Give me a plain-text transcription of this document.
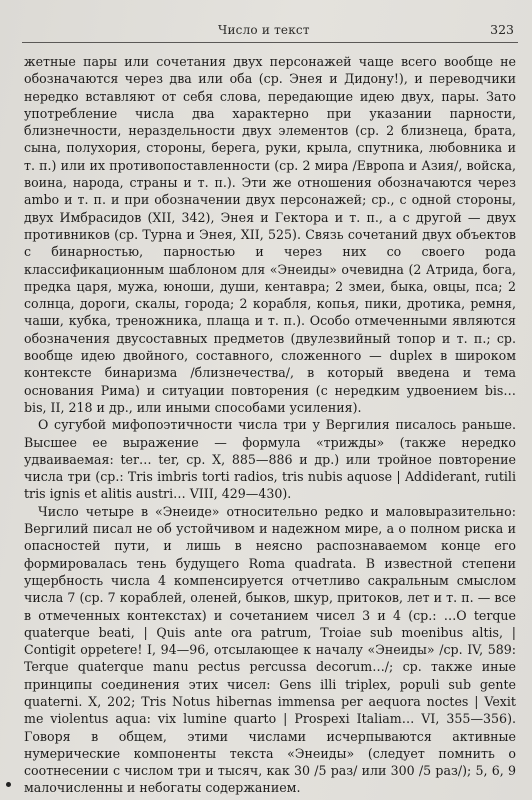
Число и текст	323

жетные пары или сочетания двух персонажей чаще всего вообще не обозначаются через два или оба (ср. Энея и Дидону!), и переводчики нередко вставляют от себя слова, передающие идею двух, пары. Зато употребление числа два характерно при указании парности, близнечности, нераздельности двух элементов (ср. 2 близнеца, брата, сына, полухория, стороны, берега, руки, крыла, спутника, любовника и т. п.) или их противопоставленности (ср. 2 мира /Европа и Азия/, войска, воина, народа, страны и т. п.). Эти же отношения обозначаются через ambo и т. п. и при обозначении двух персонажей; ср., с одной стороны, двух Имбрасидов (XII, 342), Энея и Гектора и т. п., а с другой — двух противников (ср. Турна и Энея, XII, 525). Связь сочетаний двух объектов с бинарностью, парностью и через них со своего рода классификационным шаблоном для «Энеиды» очевидна (2 Атрида, бога, предка царя, мужа, юноши, души, кентавра; 2 змеи, быка, овцы, пса; 2 солнца, дороги, скалы, города; 2 корабля, копья, пики, дротика, ремня, чаши, кубка, треножника, плаща и т. п.). Особо отмеченными являются обозначения двусоставных предметов (двулезвийный топор и т. п.; ср. вообще идею двойного, составного, сложенного — duplex в широком контексте бинаризма /близнечества/, в который введена и тема основания Рима) и ситуации повторения (с нередким удвоением bis… bis, II, 218 и др., или иными способами усиления).

О сугубой мифопоэтичности числа три у Вергилия писалось раньше. Высшее ее выражение — формула «трижды» (также нередко удваиваемая: ter… ter, ср. X, 885—886 и др.) или тройное повторение числа три (ср.: Tris imbris torti radios, tris nubis aquose | Addiderant, rutili tris ignis et alitis austri… VIII, 429—430).

Число четыре в «Энеиде» относительно редко и маловыразительно: Вергилий писал не об устойчивом и надежном мире, а о полном риска и опасностей пути, и лишь в неясно распознаваемом конце его формировалась тень будущего Roma quadrata. В известной степени ущербность числа 4 компенсируется отчетливо сакральным смыслом числа 7 (ср. 7 кораблей, оленей, быков, шкур, притоков, лет и т. п. — все в отмеченных контекстах) и сочетанием чисел 3 и 4 (ср.: …O terque quaterque beati, | Quis ante ora patrum, Troiae sub moenibus altis, | Contigit oppetere! I, 94—96, отсылающее к началу «Энеиды» /ср. IV, 589: Terque quaterque manu pectus percussa decorum…/; ср. также иные принципы соединения этих чисел: Gens illi triplex, populi sub gente quaterni. X, 202; Tris Notus hibernas immensa per aequora noctes | Vexit me violentus aqua: vix lumine quarto | Prospexi Italiam… VI, 355—356). Говоря в общем, этими числами исчерпываются активные нумерические компоненты текста «Энеиды» (следует помнить о соотнесении с числом три и тысяч, как 30 /5 раз/ или 300 /5 раз/); 5, 6, 9 малочисленны и небогаты содержанием.
